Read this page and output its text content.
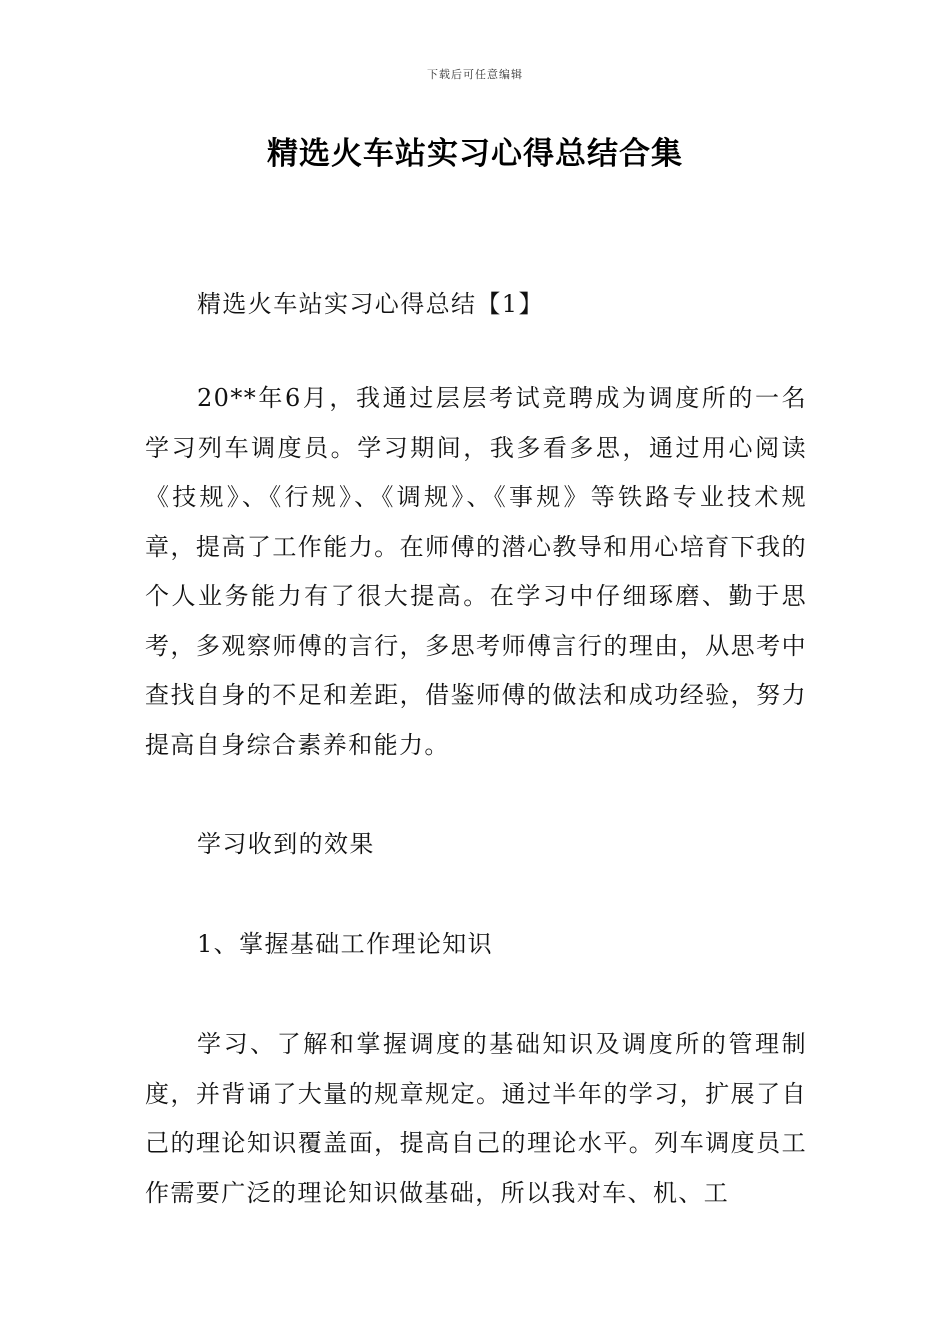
下载后可任意编辑
精选火车站实习心得总结合集

精选火车站实习心得总结【1】

20**年6月，我通过层层考试竞聘成为调度所的一名学习列车调度员。学习期间，我多看多思，通过用心阅读《技规》、《行规》、《调规》、《事规》等铁路专业技术规章，提高了工作能力。在师傅的潜心教导和用心培育下我的个人业务能力有了很大提高。在学习中仔细琢磨、勤于思考，多观察师傅的言行，多思考师傅言行的理由，从思考中查找自身的不足和差距，借鉴师傅的做法和成功经验，努力提高自身综合素养和能力。

学习收到的效果

1、掌握基础工作理论知识

学习、了解和掌握调度的基础知识及调度所的管理制度，并背诵了大量的规章规定。通过半年的学习，扩展了自己的理论知识覆盖面，提高自己的理论水平。列车调度员工作需要广泛的理论知识做基础，所以我对车、机、工
